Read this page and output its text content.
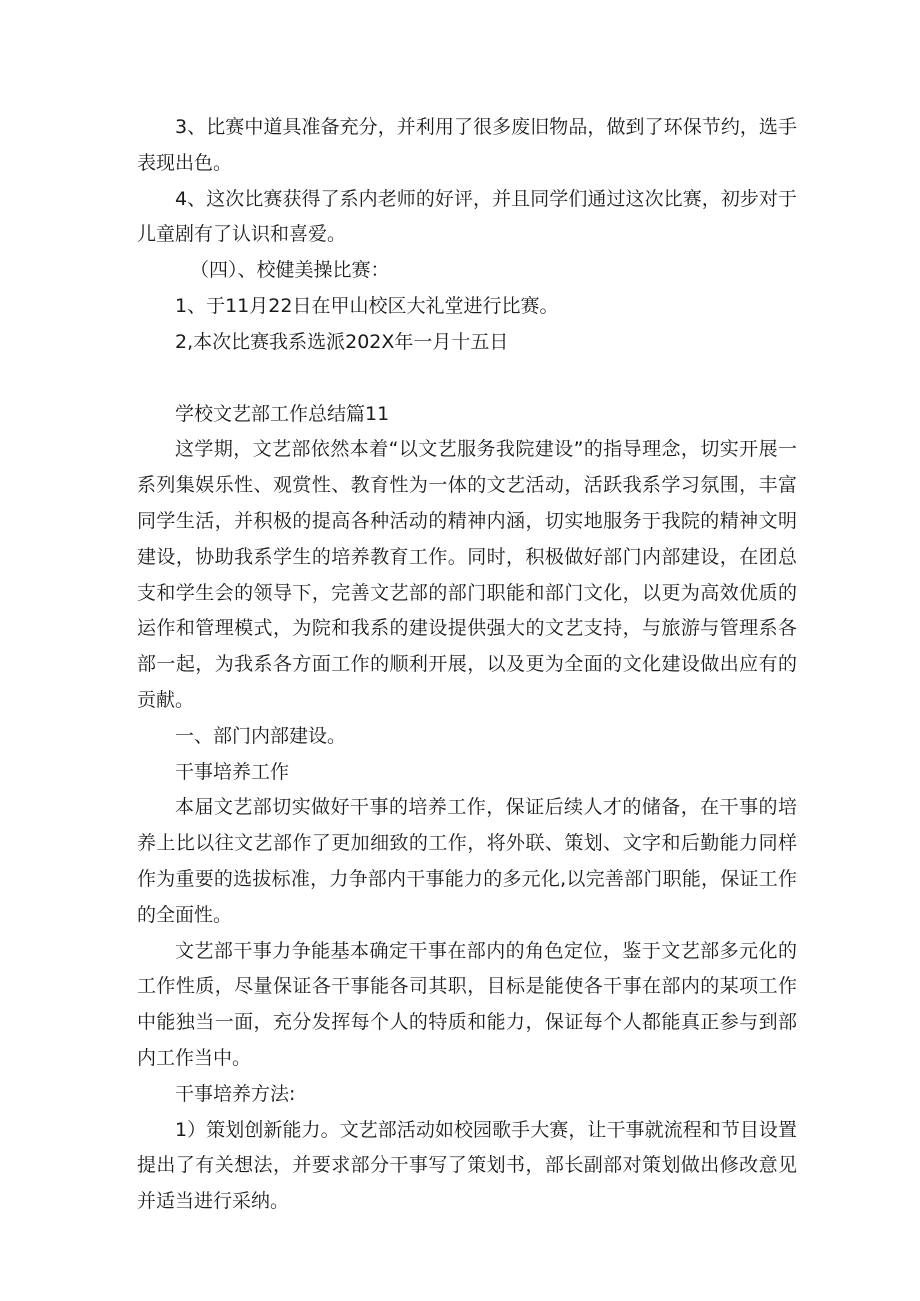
3、比赛中道具准备充分，并利用了很多废旧物品，做到了环保节约，选手表现出色。

4、这次比赛获得了系内老师的好评，并且同学们通过这次比赛，初步对于儿童剧有了认识和喜爱。

（四）、校健美操比赛：

1、于11月22日在甲山校区大礼堂进行比赛。

2,本次比赛我系选派202X年一月十五日

学校文艺部工作总结篇11

这学期，文艺部依然本着“以文艺服务我院建设”的指导理念，切实开展一系列集娱乐性、观赏性、教育性为一体的文艺活动，活跃我系学习氛围，丰富同学生活，并积极的提高各种活动的精神内涵，切实地服务于我院的精神文明建设，协助我系学生的培养教育工作。同时，积极做好部门内部建设，在团总支和学生会的领导下，完善文艺部的部门职能和部门文化，以更为高效优质的运作和管理模式，为院和我系的建设提供强大的文艺支持，与旅游与管理系各部一起，为我系各方面工作的顺利开展，以及更为全面的文化建设做出应有的贡献。

一、部门内部建设。

干事培养工作

本届文艺部切实做好干事的培养工作，保证后续人才的储备，在干事的培养上比以往文艺部作了更加细致的工作，将外联、策划、文字和后勤能力同样作为重要的选拔标准，力争部内干事能力的多元化,以完善部门职能，保证工作的全面性。

文艺部干事力争能基本确定干事在部内的角色定位，鉴于文艺部多元化的工作性质，尽量保证各干事能各司其职，目标是能使各干事在部内的某项工作中能独当一面，充分发挥每个人的特质和能力，保证每个人都能真正参与到部内工作当中。

干事培养方法:

1）策划创新能力。文艺部活动如校园歌手大赛，让干事就流程和节目设置提出了有关想法，并要求部分干事写了策划书，部长副部对策划做出修改意见并适当进行采纳。
